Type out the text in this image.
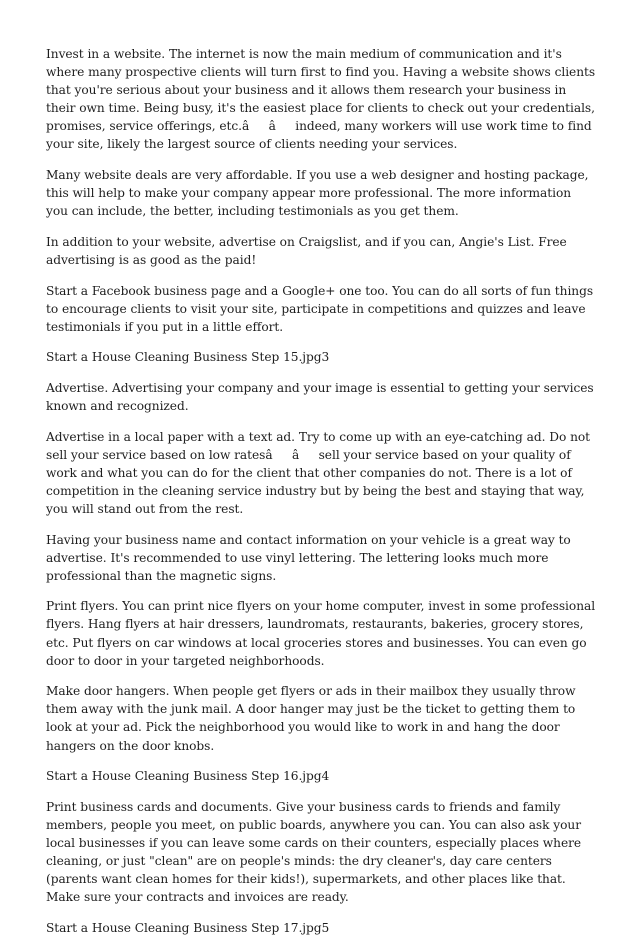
Invest in a website. The internet is now the main medium of communication and it's where many prospective clients will turn first to find you. Having a website shows clients that you're serious about your business and it allows them research your business in their own time. Being busy, it's the easiest place for clients to check out your credentials, promises, service offerings, etc.ââindeed, many workers will use work time to find your site, likely the largest source of clients needing your services.

Many website deals are very affordable. If you use a web designer and hosting package, this will help to make your company appear more professional. The more information you can include, the better, including testimonials as you get them.

In addition to your website, advertise on Craigslist, and if you can, Angie's List. Free advertising is as good as the paid!

Start a Facebook business page and a Google+ one too. You can do all sorts of fun things to encourage clients to visit your site, participate in competitions and quizzes and leave testimonials if you put in a little effort.

Start a House Cleaning Business Step 15.jpg3

Advertise. Advertising your company and your image is essential to getting your services known and recognized.

Advertise in a local paper with a text ad. Try to come up with an eye-catching ad. Do not sell your service based on low ratesââsell your service based on your quality of work and what you can do for the client that other companies do not. There is a lot of competition in the cleaning service industry but by being the best and staying that way, you will stand out from the rest.

Having your business name and contact information on your vehicle is a great way to advertise. It's recommended to use vinyl lettering. The lettering looks much more professional than the magnetic signs.

Print flyers. You can print nice flyers on your home computer, invest in some professional flyers. Hang flyers at hair dressers, laundromats, restaurants, bakeries, grocery stores, etc. Put flyers on car windows at local groceries stores and businesses. You can even go door to door in your targeted neighborhoods.

Make door hangers. When people get flyers or ads in their mailbox they usually throw them away with the junk mail. A door hanger may just be the ticket to getting them to look at your ad. Pick the neighborhood you would like to work in and hang the door hangers on the door knobs.

Start a House Cleaning Business Step 16.jpg4

Print business cards and documents. Give your business cards to friends and family members, people you meet, on public boards, anywhere you can. You can also ask your local businesses if you can leave some cards on their counters, especially places where cleaning, or just "clean" are on people's minds: the dry cleaner's, day care centers (parents want clean homes for their kids!), supermarkets, and other places like that. Make sure your contracts and invoices are ready.

Start a House Cleaning Business Step 17.jpg5
